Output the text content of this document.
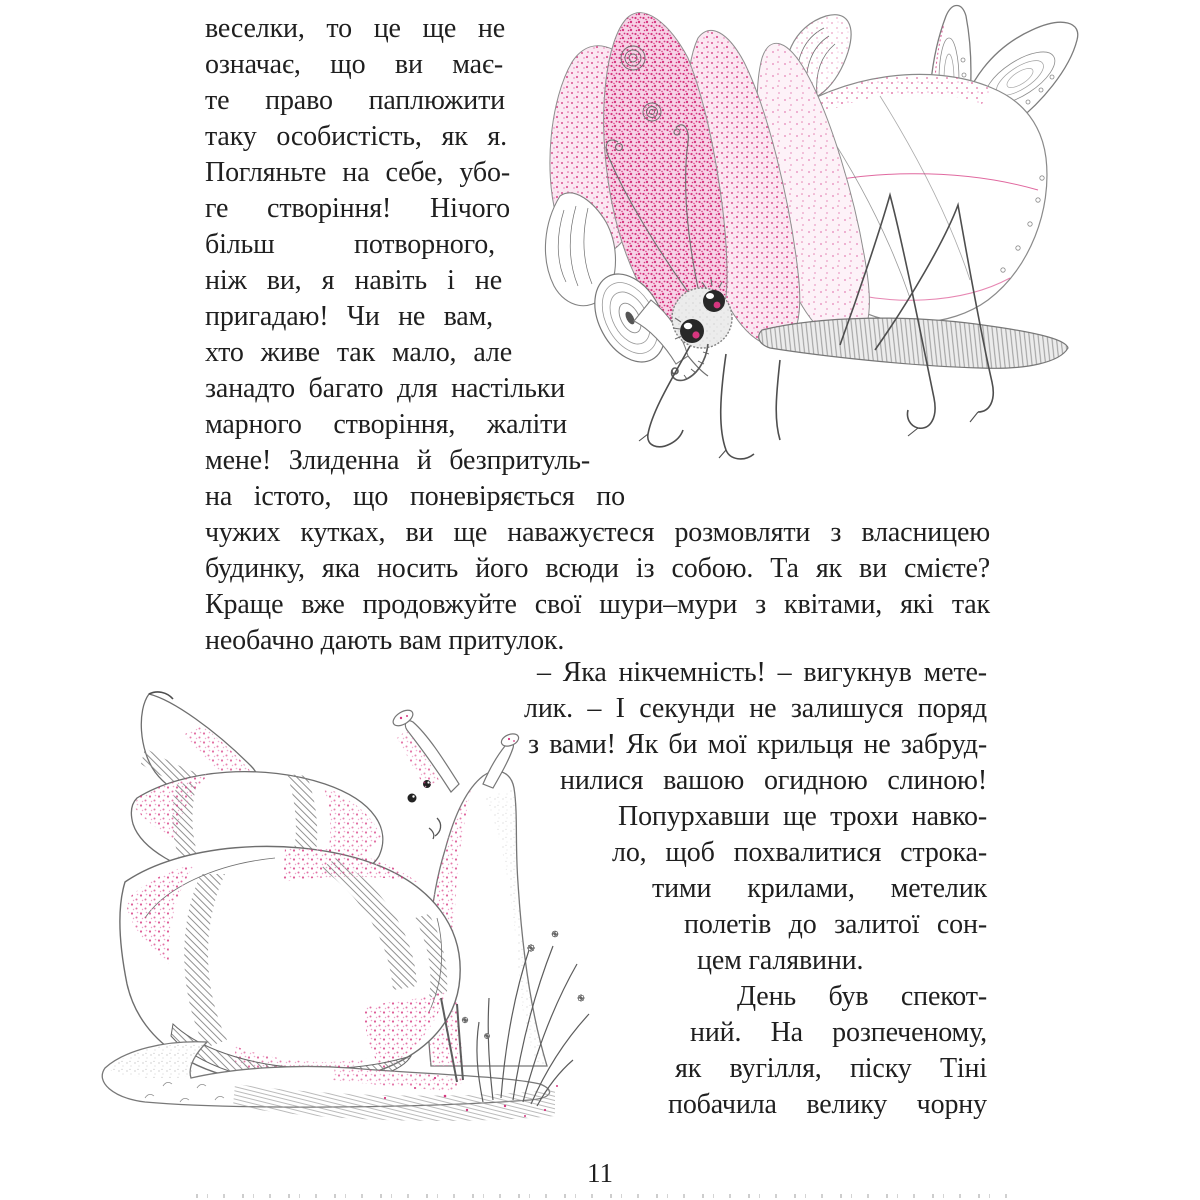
веселки, то це ще не
означає, що ви має-
те право паплюжити
таку особистість, як я.
Погляньте на себе, убо-
ге створіння! Нічого
більш потворного,
ніж ви, я навіть і не
пригадаю! Чи не вам,
хто живе так мало, але
занадто багато для настільки
марного створіння, жаліти
мене! Злиденна й безпритуль-
на істото, що поневіряється по
чужих кутках, ви ще наважуєтеся розмовляти з власницею
будинку, яка носить його всюди із собою. Та як ви смієте?
Краще вже продовжуйте свої шури–мури з квітами, які так
необачно дають вам притулок.
– Яка нікчемність! – вигукнув мете-
лик. – І секунди не залишуся поряд
з вами! Як би мої крильця не забруд-
нилися вашою огидною слиною!
Попурхавши ще трохи навко-
ло, щоб похвалитися строка-
тими крилами, метелик
полетів до залитої сон-
цем галявини.
День був спекот-
ний. На розпеченому,
як вугілля, піску Тіні
побачила велику чорну
11
